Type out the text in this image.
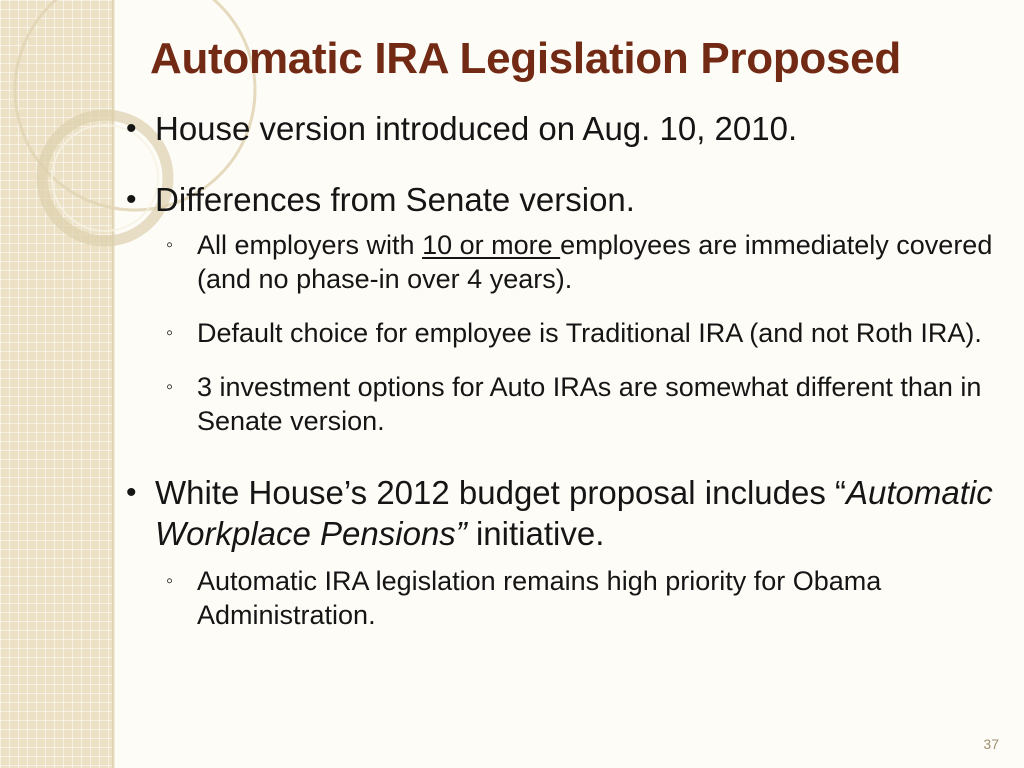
Automatic IRA Legislation Proposed
• House version introduced on Aug. 10, 2010.
• Differences from Senate version.
◦ All employers with 10 or more employees are immediately covered (and no phase-in over 4 years).
◦ Default choice for employee is Traditional IRA (and not Roth IRA).
◦ 3 investment options for Auto IRAs are somewhat different than in Senate version.
• White House’s 2012 budget proposal includes “Automatic Workplace Pensions” initiative.
◦ Automatic IRA legislation remains high priority for Obama Administration.
37
